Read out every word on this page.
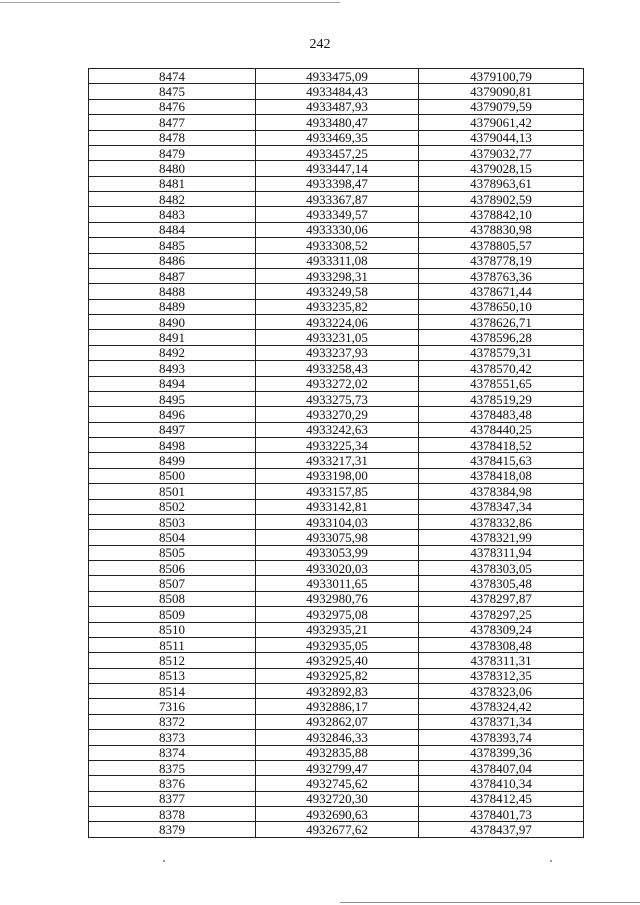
242
8474	4933475,09	4379100,79
8475	4933484,43	4379090,81
8476	4933487,93	4379079,59
8477	4933480,47	4379061,42
8478	4933469,35	4379044,13
8479	4933457,25	4379032,77
8480	4933447,14	4379028,15
8481	4933398,47	4378963,61
8482	4933367,87	4378902,59
8483	4933349,57	4378842,10
8484	4933330,06	4378830,98
8485	4933308,52	4378805,57
8486	4933311,08	4378778,19
8487	4933298,31	4378763,36
8488	4933249,58	4378671,44
8489	4933235,82	4378650,10
8490	4933224,06	4378626,71
8491	4933231,05	4378596,28
8492	4933237,93	4378579,31
8493	4933258,43	4378570,42
8494	4933272,02	4378551,65
8495	4933275,73	4378519,29
8496	4933270,29	4378483,48
8497	4933242,63	4378440,25
8498	4933225,34	4378418,52
8499	4933217,31	4378415,63
8500	4933198,00	4378418,08
8501	4933157,85	4378384,98
8502	4933142,81	4378347,34
8503	4933104,03	4378332,86
8504	4933075,98	4378321,99
8505	4933053,99	4378311,94
8506	4933020,03	4378303,05
8507	4933011,65	4378305,48
8508	4932980,76	4378297,87
8509	4932975,08	4378297,25
8510	4932935,21	4378309,24
8511	4932935,05	4378308,48
8512	4932925,40	4378311,31
8513	4932925,82	4378312,35
8514	4932892,83	4378323,06
7316	4932886,17	4378324,42
8372	4932862,07	4378371,34
8373	4932846,33	4378393,74
8374	4932835,88	4378399,36
8375	4932799,47	4378407,04
8376	4932745,62	4378410,34
8377	4932720,30	4378412,45
8378	4932690,63	4378401,73
8379	4932677,62	4378437,97
